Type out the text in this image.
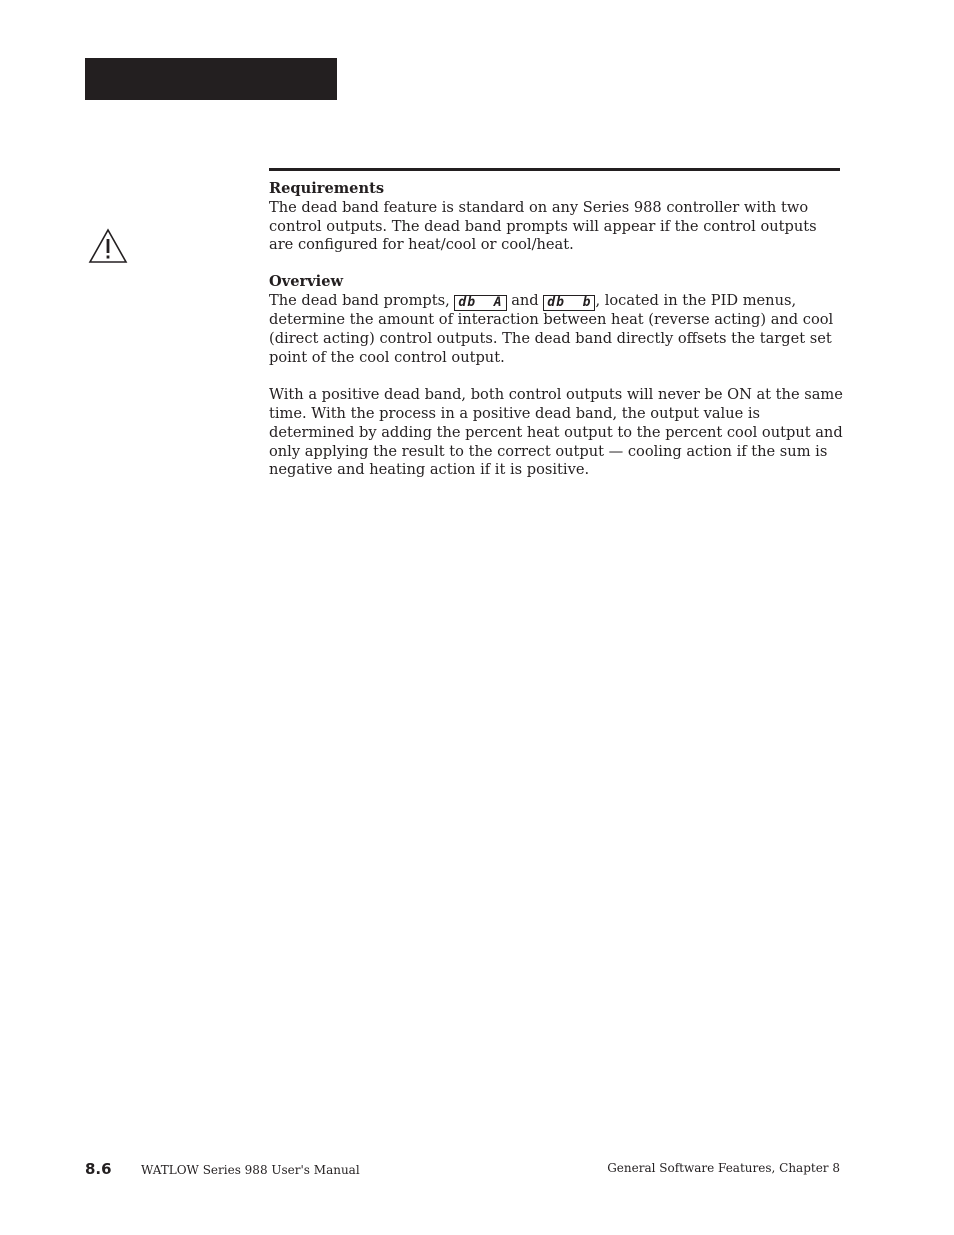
Requirements

The dead band feature is standard on any Series 988 controller with two control outputs. The dead band prompts will appear if the control outputs are configured for heat/cool or cool/heat.

Overview

The dead band prompts, db  A and db  b , located in the PID menus, determine the amount of interaction between heat (reverse acting) and cool (direct acting) control outputs. The dead band directly offsets the target set point of the cool control output.

With a positive dead band, both control outputs will never be ON at the same time. With the process in a positive dead band, the output value is determined by adding the percent heat output to the percent cool output and only applying the result to the correct output — cooling action if the sum is negative and heating action if it is positive.

8.6 WATLOW Series 988 User's Manual	General Software Features, Chapter 8
